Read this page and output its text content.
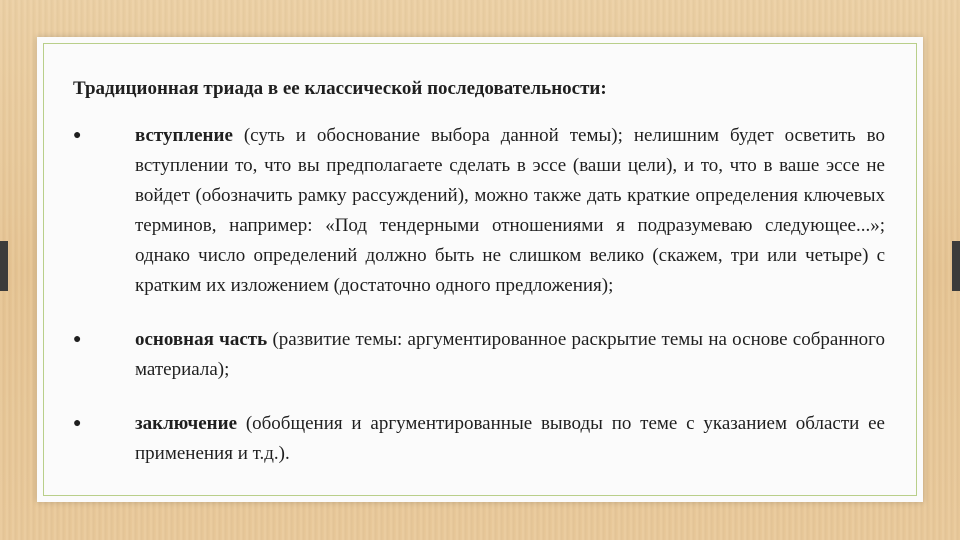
Традиционная триада в ее классической последовательности:

●	вступление (суть и обоснование выбора данной темы); нелишним будет осветить во вступлении то, что вы предполагаете сделать в эссе (ваши цели), и то, что в ваше эссе не войдет (обозначить рамку рассуждений), можно также дать краткие определения ключевых терминов, например: «Под тендерными отношениями я подразумеваю следующее...»; однако число определений должно быть не слишком велико (скажем, три или четыре) с кратким их изложением (достаточно одного предложения);
●	основная часть (развитие темы: аргументированное раскрытие темы на основе собранного материала);
●	заключение (обобщения и аргументированные выводы по теме с указанием области ее применения и т.д.).
